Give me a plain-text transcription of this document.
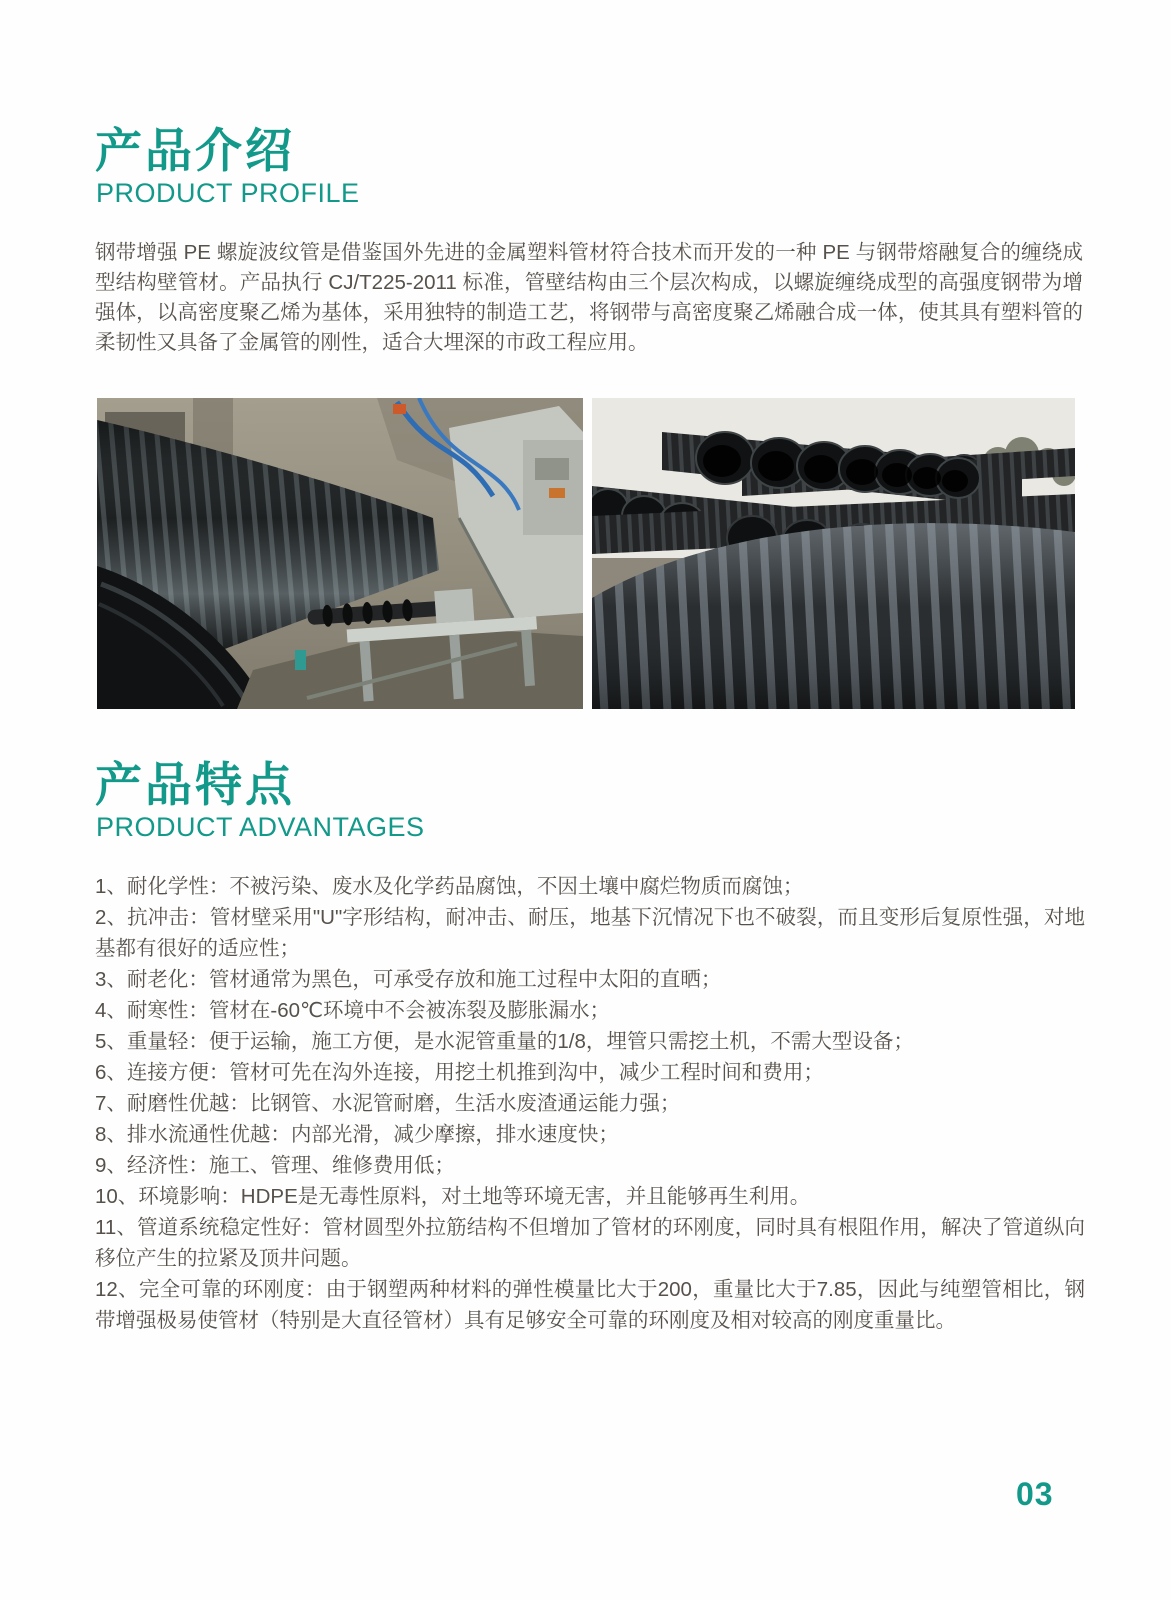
产品介绍
PRODUCT PROFILE
钢带增强 PE 螺旋波纹管是借鉴国外先进的金属塑料管材符合技术而开发的一种 PE 与钢带熔融复合的缠绕成型结构壁管材。产品执行 CJ/T225-2011 标准，管壁结构由三个层次构成，以螺旋缠绕成型的高强度钢带为增强体，以高密度聚乙烯为基体，采用独特的制造工艺，将钢带与高密度聚乙烯融合成一体，使其具有塑料管的柔韧性又具备了金属管的刚性，适合大埋深的市政工程应用。
产品特点
PRODUCT ADVANTAGES

1、耐化学性：不被污染、废水及化学药品腐蚀，不因土壤中腐烂物质而腐蚀；

2、抗冲击：管材壁采用"U"字形结构，耐冲击、耐压，地基下沉情况下也不破裂，而且变形后复原性强，对地基都有很好的适应性；

3、耐老化：管材通常为黑色，可承受存放和施工过程中太阳的直晒；

4、耐寒性：管材在-60℃环境中不会被冻裂及膨胀漏水；

5、重量轻：便于运输，施工方便，是水泥管重量的1/8，埋管只需挖土机，不需大型设备；

6、连接方便：管材可先在沟外连接，用挖土机推到沟中，减少工程时间和费用；

7、耐磨性优越：比钢管、水泥管耐磨，生活水废渣通运能力强；

8、排水流通性优越：内部光滑，减少摩擦，排水速度快；

9、经济性：施工、管理、维修费用低；

10、环境影响：HDPE是无毒性原料，对土地等环境无害，并且能够再生利用。

11、管道系统稳定性好：管材圆型外拉筋结构不但增加了管材的环刚度，同时具有根阻作用，解决了管道纵向移位产生的拉紧及顶井问题。

12、完全可靠的环刚度：由于钢塑两种材料的弹性模量比大于200，重量比大于7.85，因此与纯塑管相比，钢带增强极易使管材（特别是大直径管材）具有足够安全可靠的环刚度及相对较高的刚度重量比。

03
